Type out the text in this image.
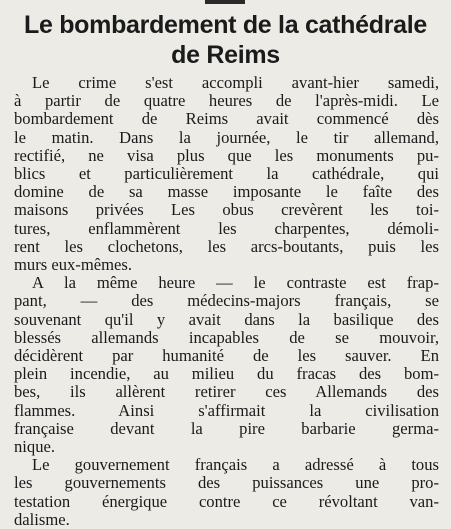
Le bombardement de la cathédrale
de Reims
Le crime s'est accompli avant-hier samedi,
à partir de quatre heures de l'après-midi. Le
bombardement de Reims avait commencé dès
le matin. Dans la journée, le tir allemand,
rectifié, ne visa plus que les monuments pu-
blics et particulièrement la cathédrale, qui
domine de sa masse imposante le faîte des
maisons privées Les obus crevèrent les toi-
tures, enflammèrent les charpentes, démoli-
rent les clochetons, les arcs-boutants, puis les
murs eux-mêmes.
A la même heure — le contraste est frap-
pant, — des médecins-majors français, se
souvenant qu'il y avait dans la basilique des
blessés allemands incapables de se mouvoir,
décidèrent par humanité de les sauver. En
plein incendie, au milieu du fracas des bom-
bes, ils allèrent retirer ces Allemands des
flammes. Ainsi s'affirmait la civilisation
française devant la pire barbarie germa-
nique.
Le gouvernement français a adressé à tous
les gouvernements des puissances une pro-
testation énergique contre ce révoltant van-
dalisme.
